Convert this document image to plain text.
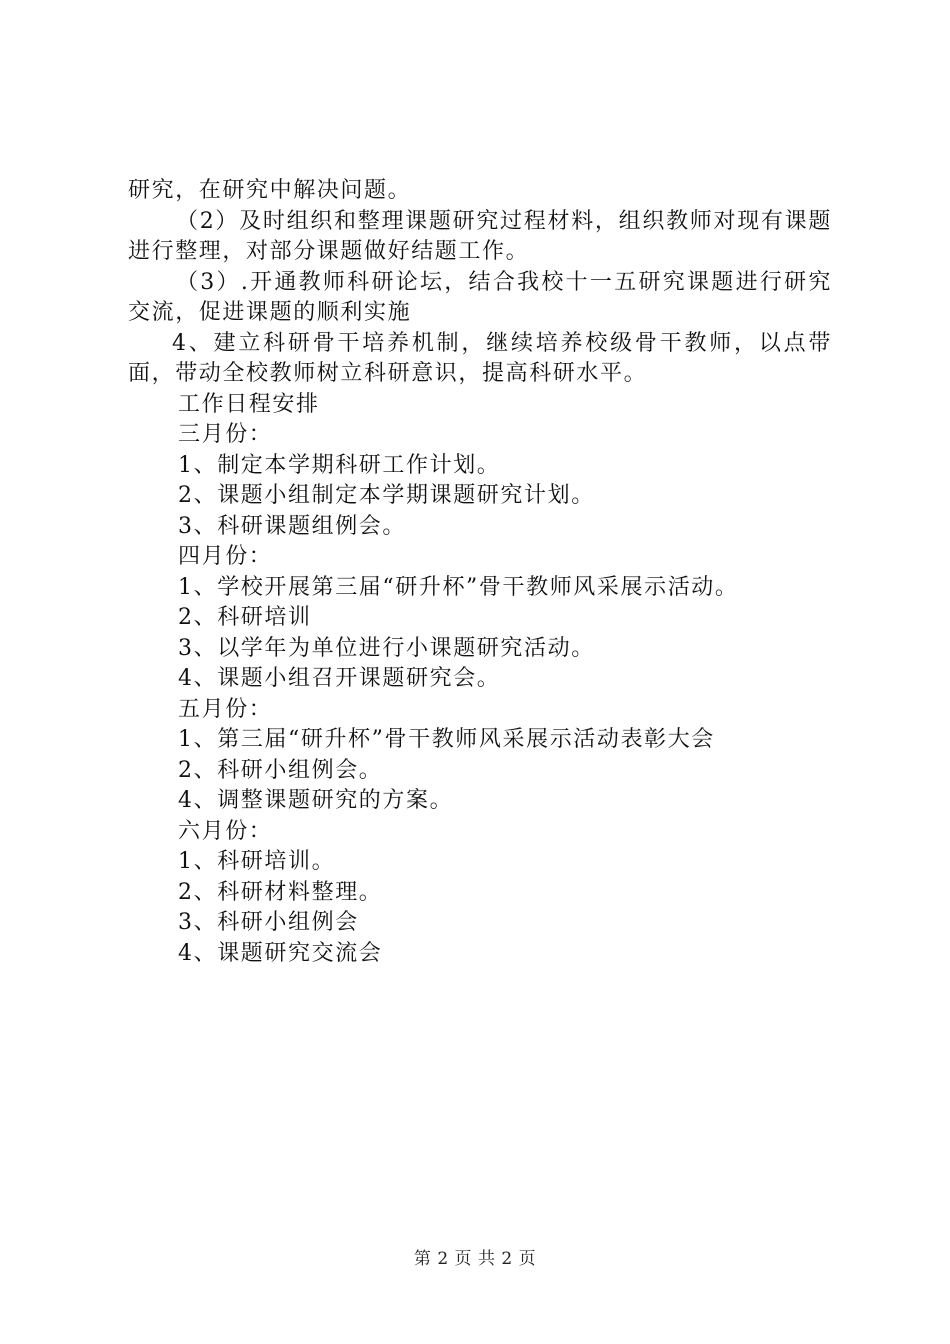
研究，在研究中解决问题。

（2）及时组织和整理课题研究过程材料，组织教师对现有课题进行整理，对部分课题做好结题工作。

（3）.开通教师科研论坛，结合我校十一五研究课题进行研究交流，促进课题的顺利实施

4、建立科研骨干培养机制，继续培养校级骨干教师，以点带面，带动全校教师树立科研意识，提高科研水平。

工作日程安排

三月份：

1、制定本学期科研工作计划。

2、课题小组制定本学期课题研究计划。

3、科研课题组例会。

四月份：

1、学校开展第三届“研升杯”骨干教师风采展示活动。

2、科研培训

3、以学年为单位进行小课题研究活动。

4、课题小组召开课题研究会。

五月份：

1、第三届“研升杯”骨干教师风采展示活动表彰大会

2、科研小组例会。

4、调整课题研究的方案。

六月份：

1、科研培训。

2、科研材料整理。

3、科研小组例会

4、课题研究交流会

第 2 页 共 2 页
